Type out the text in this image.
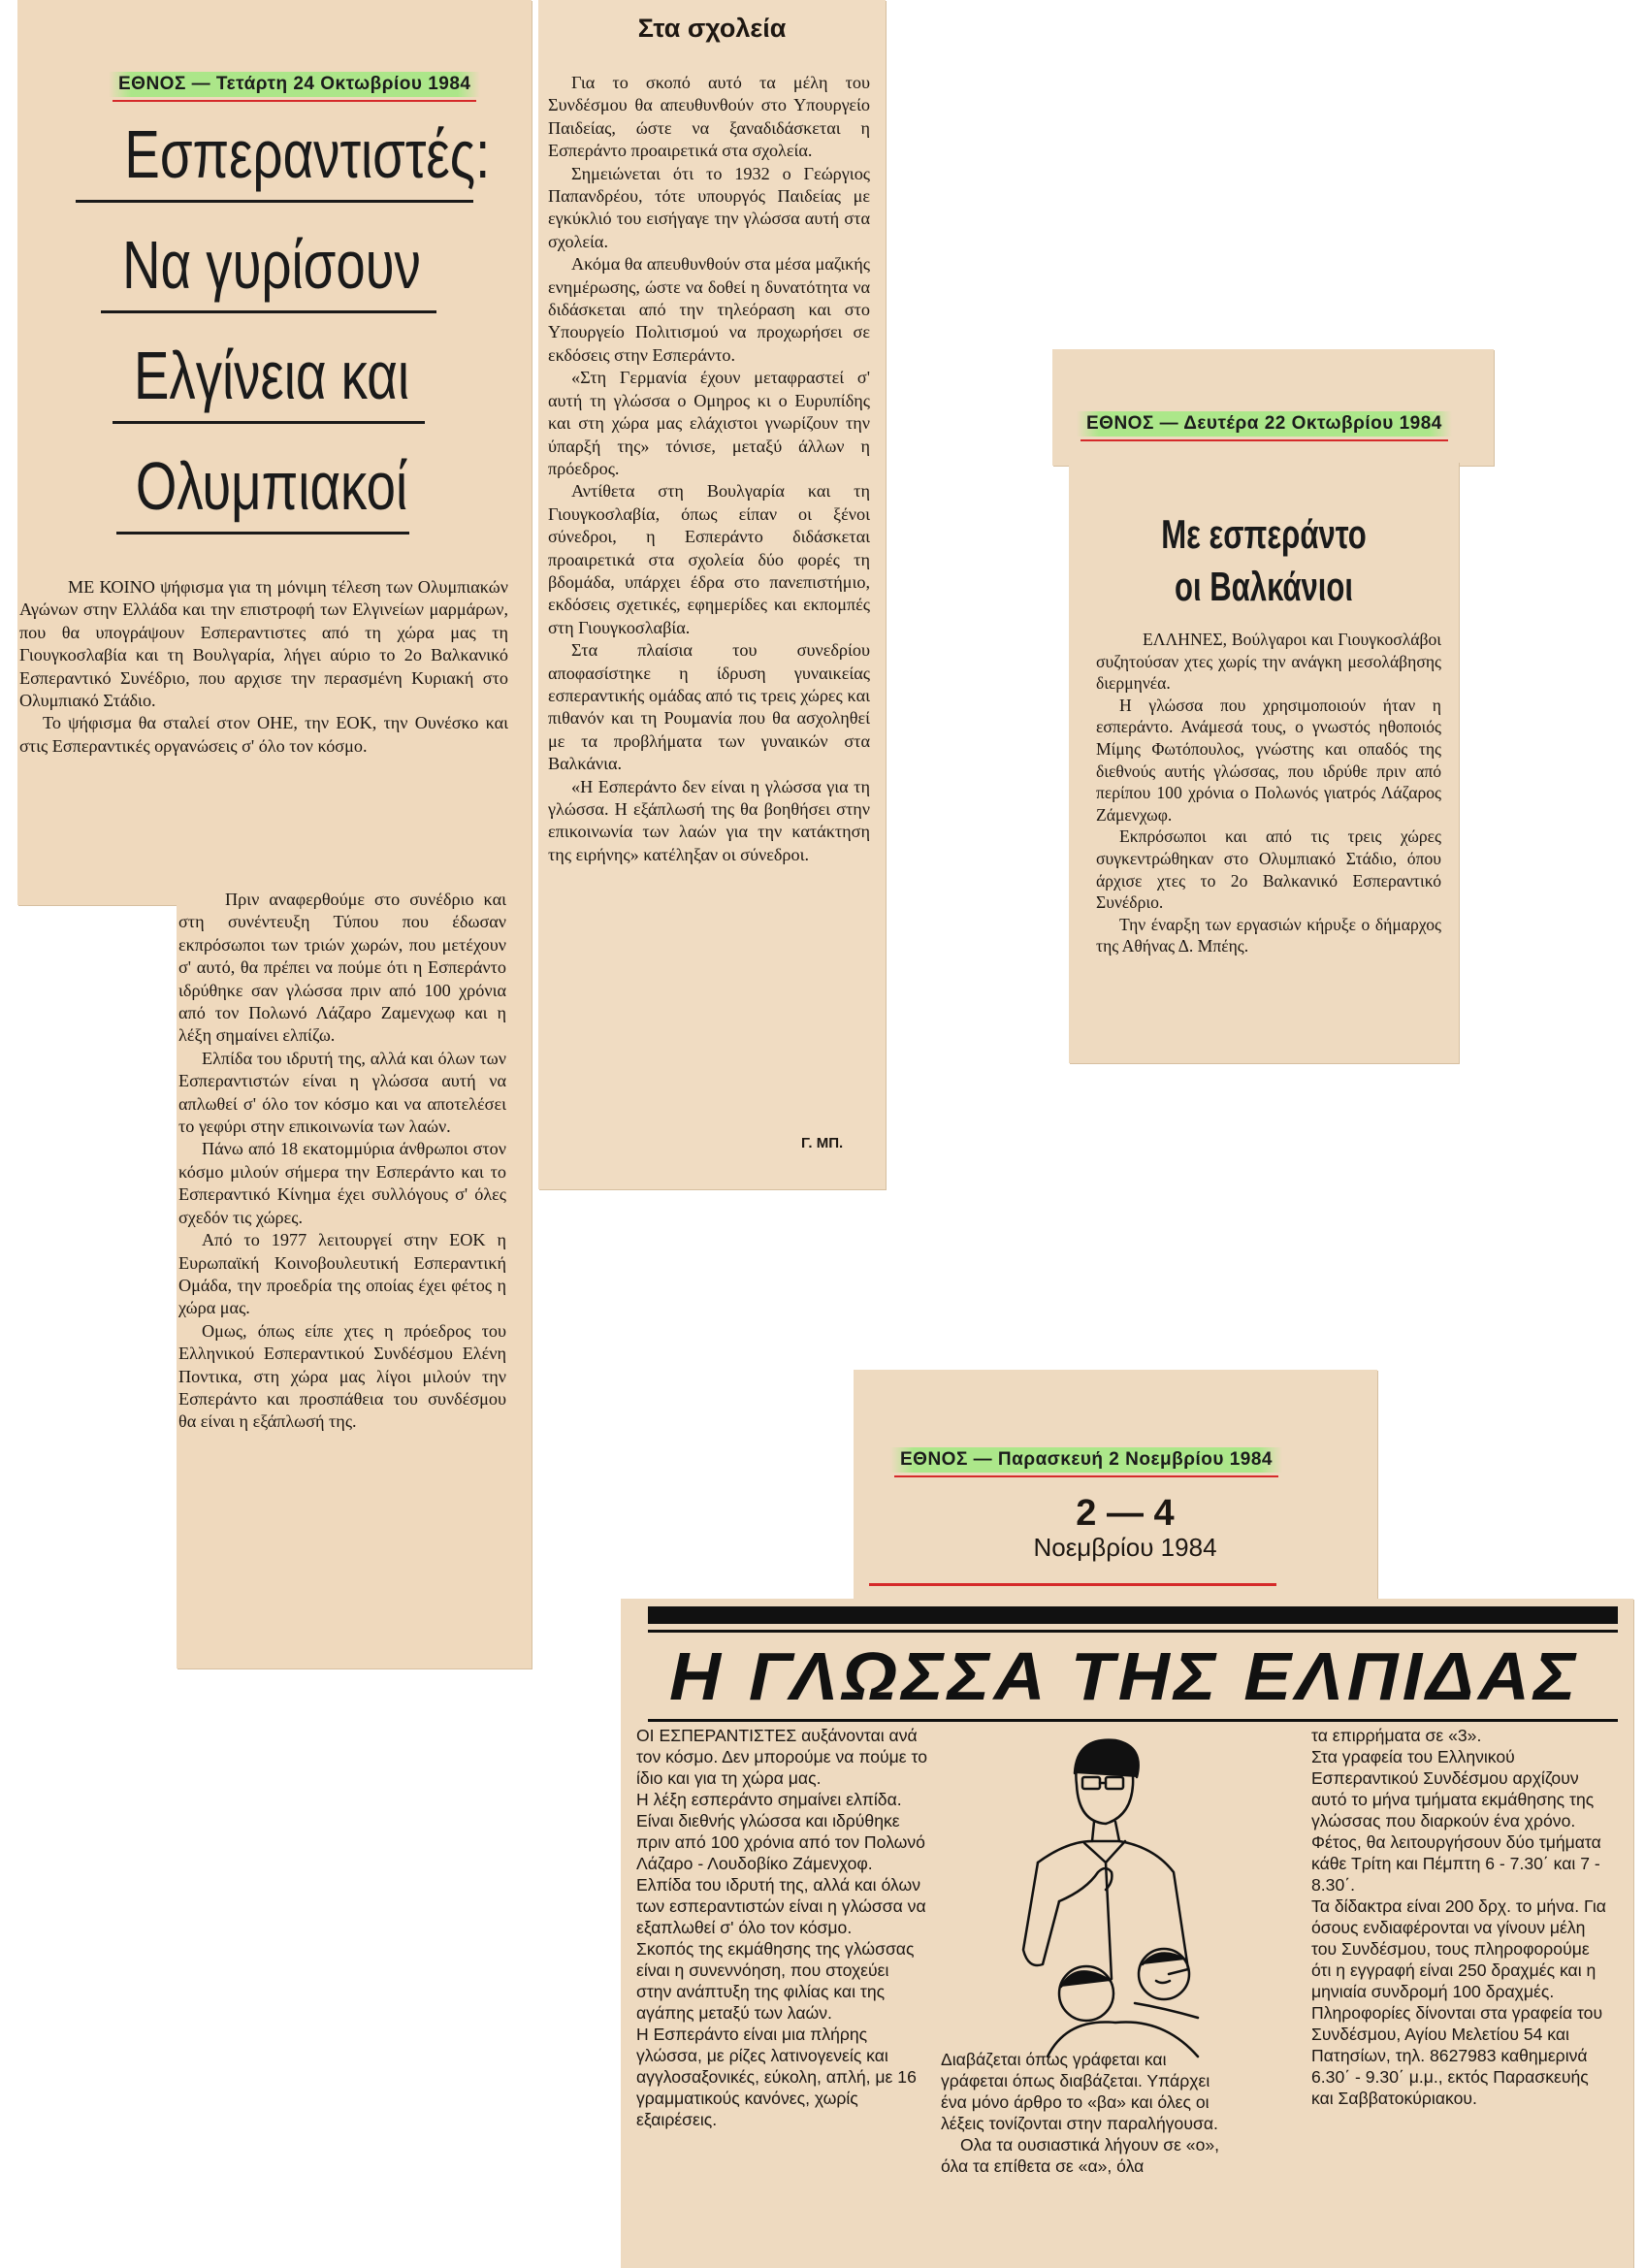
ΕΘΝΟΣ — Τετάρτη 24 Οκτωβρίου 1984
Εσπεραντιστές:
Να γυρίσουν
Ελγίνεια και
Ολυμπιακοί

ΜΕ ΚΟΙΝΟ ψήφισμα για τη μόνιμη τέλεση των Ολυμπιακών Αγώνων στην Ελλάδα και την επιστροφή των Ελγινείων μαρμάρων, που θα υπογράψουν Εσπεραντιστες από τη χώρα μας τη Γιουγκοσλαβία και τη Βουλγαρία, λήγει αύριο το 2ο Βαλκανικό Εσπεραντικό Συνέδριο, που αρχισε την περασμένη Κυριακή στο Ολυμπιακό Στάδιο.

Το ψήφισμα θα σταλεί στον ΟΗΕ, την ΕΟΚ, την Ουνέσκο και στις Εσπεραντικές οργανώσεις σ' όλο τον κόσμο.

Πριν αναφερθούμε στο συνέδριο και στη συνέντευξη Τύπου που έδωσαν εκπρόσωποι των τριών χωρών, που μετέχουν σ' αυτό, θα πρέπει να πούμε ότι η Εσπεράντο ιδρύθηκε σαν γλώσσα πριν από 100 χρόνια από τον Πολωνό Λάζαρο Ζαμενχωφ και η λέξη σημαίνει ελπίζω.

Ελπίδα του ιδρυτή της, αλλά και όλων των Εσπεραντιστών είναι η γλώσσα αυτή να απλωθεί σ' όλο τον κόσμο και να αποτελέσει το γεφύρι στην επικοινωνία των λαών.

Πάνω από 18 εκατομμύρια άνθρωποι στον κόσμο μιλούν σήμερα την Εσπεράντο και το Εσπεραντικό Κίνημα έχει συλλόγους σ' όλες σχεδόν τις χώρες.

Από το 1977 λειτουργεί στην ΕΟΚ η Ευρωπαϊκή Κοινοβουλευτική Εσπεραντική Ομάδα, την προεδρία της οποίας έχει φέτος η χώρα μας.

Ομως, όπως είπε χτες η πρόεδρος του Ελληνικού Εσπεραντικού Συνδέσμου Ελένη Ποντικα, στη χώρα μας λίγοι μιλούν την Εσπεράντο και προσπάθεια του συνδέσμου θα είναι η εξάπλωσή της.

Στα σχολεία

Για το σκοπό αυτό τα μέλη του Συνδέσμου θα απευθυνθούν στο Υπουργείο Παιδείας, ώστε να ξαναδιδάσκεται η Εσπεράντο προαιρετικά στα σχολεία.

Σημειώνεται ότι το 1932 ο Γεώργιος Παπανδρέου, τότε υπουργός Παιδείας με εγκύκλιό του εισήγαγε την γλώσσα αυτή στα σχολεία.

Ακόμα θα απευθυνθούν στα μέσα μαζικής ενημέρωσης, ώστε να δοθεί η δυνατότητα να διδάσκεται από την τηλεόραση και στο Υπουργείο Πολιτισμού να προχωρήσει σε εκδόσεις στην Εσπεράντο.

«Στη Γερμανία έχουν μεταφραστεί σ' αυτή τη γλώσσα ο Ομηρος κι ο Ευρυπίδης και στη χώρα μας ελάχιστοι γνωρίζουν την ύπαρξή της» τόνισε, μεταξύ άλλων η πρόεδρος.

Αντίθετα στη Βουλγαρία και τη Γιουγκοσλαβία, όπως είπαν οι ξένοι σύνεδροι, η Εσπεράντο διδάσκεται προαιρετικά στα σχολεία δύο φορές τη βδομάδα, υπάρχει έδρα στο πανεπιστήμιο, εκδόσεις σχετικές, εφημερίδες και εκπομπές στη Γιουγκοσλαβία.

Στα πλαίσια του συνεδρίου αποφασίστηκε η ίδρυση γυναικείας εσπεραντικής ομάδας από τις τρεις χώρες και πιθανόν και τη Ρουμανία που θα ασχοληθεί με τα προβλήματα των γυναικών στα Βαλκάνια.

«Η Εσπεράντο δεν είναι η γλώσσα για τη γλώσσα. Η εξάπλωσή της θα βοηθήσει στην επικοινωνία των λαών για την κατάκτηση της ειρήνης» κατέληξαν οι σύνεδροι.

Γ. ΜΠ.
ΕΘΝΟΣ — Δευτέρα 22 Οκτωβρίου 1984
Με εσπεράντο
οι Βαλκάνιοι

ΕΛΛΗΝΕΣ, Βούλγαροι και Γιουγκοσλάβοι συζητούσαν χτες χωρίς την ανάγκη μεσολάβησης διερμηνέα.

Η γλώσσα που χρησιμοποιούν ήταν η εσπεράντο. Ανάμεσά τους, ο γνωστός ηθοποιός Μίμης Φωτόπουλος, γνώστης και οπαδός της διεθνούς αυτής γλώσσας, που ιδρύθε πριν από περίπου 100 χρόνια ο Πολωνός γιατρός Λάζαρος Ζάμενχωφ.

Εκπρόσωποι και από τις τρεις χώρες συγκεντρώθηκαν στο Ολυμπιακό Στάδιο, όπου άρχισε χτες το 2ο Βαλκανικό Εσπεραντικό Συνέδριο.

Την έναρξη των εργασιών κήρυξε ο δήμαρχος της Αθήνας Δ. Μπέης.

ΕΘΝΟΣ — Παρασκευή 2 Νοεμβρίου 1984
2 — 4
Νοεμβρίου 1984
Η ΓΛΩΣΣΑ ΤΗΣ ΕΛΠΙΔΑΣ

ΟΙ ΕΣΠΕΡΑΝΤΙΣΤΕΣ αυξάνονται ανά τον κόσμο. Δεν μπορούμε να πούμε το ίδιο και για τη χώρα μας.

Η λέξη εσπεράντο σημαίνει ελπίδα. Είναι διεθνής γλώσσα και ιδρύθηκε πριν από 100 χρόνια από τον Πολωνό Λάζαρο - Λουδοβίκο Ζάμενχοφ.

Ελπίδα του ιδρυτή της, αλλά και όλων των εσπεραντιστών είναι η γλώσσα να εξαπλωθεί σ' όλο τον κόσμο.

Σκοπός της εκμάθησης της γλώσσας είναι η συνεννόηση, που στοχεύει στην ανάπτυξη της φιλίας και της αγάπης μεταξύ των λαών.

Η Εσπεράντο είναι μια πλήρης γλώσσα, με ρίζες λατινογενείς και αγγλοσαξονικές, εύκολη, απλή, με 16 γραμματικούς κανόνες, χωρίς εξαιρέσεις.

Διαβάζεται όπως γράφεται και γράφεται όπως διαβάζεται. Υπάρχει ένα μόνο άρθρο το «βα» και όλες οι λέξεις τονίζονται στην παραλήγουσα.

Ολα τα ουσιαστικά λήγουν σε «ο», όλα τα επίθετα σε «α», όλα

τα επιρρήματα σε «3».

Στα γραφεία του Ελληνικού Εσπεραντικού Συνδέσμου αρχίζουν αυτό το μήνα τμήματα εκμάθησης της γλώσσας που διαρκούν ένα χρόνο.

Φέτος, θα λειτουργήσουν δύο τμήματα κάθε Τρίτη και Πέμπτη 6 - 7.30΄ και 7 - 8.30΄.

Τα δίδακτρα είναι 200 δρχ. το μήνα. Για όσους ενδιαφέρονται να γίνουν μέλη του Συνδέσμου, τους πληροφορούμε ότι η εγγραφή είναι 250 δραχμές και η μηνιαία συνδρομή 100 δραχμές.

Πληροφορίες δίνονται στα γραφεία του Συνδέσμου, Αγίου Μελετίου 54 και Πατησίων, τηλ. 8627983 καθημερινά 6.30΄ - 9.30΄ μ.μ., εκτός Παρασκευής και Σαββατοκύριακου.
